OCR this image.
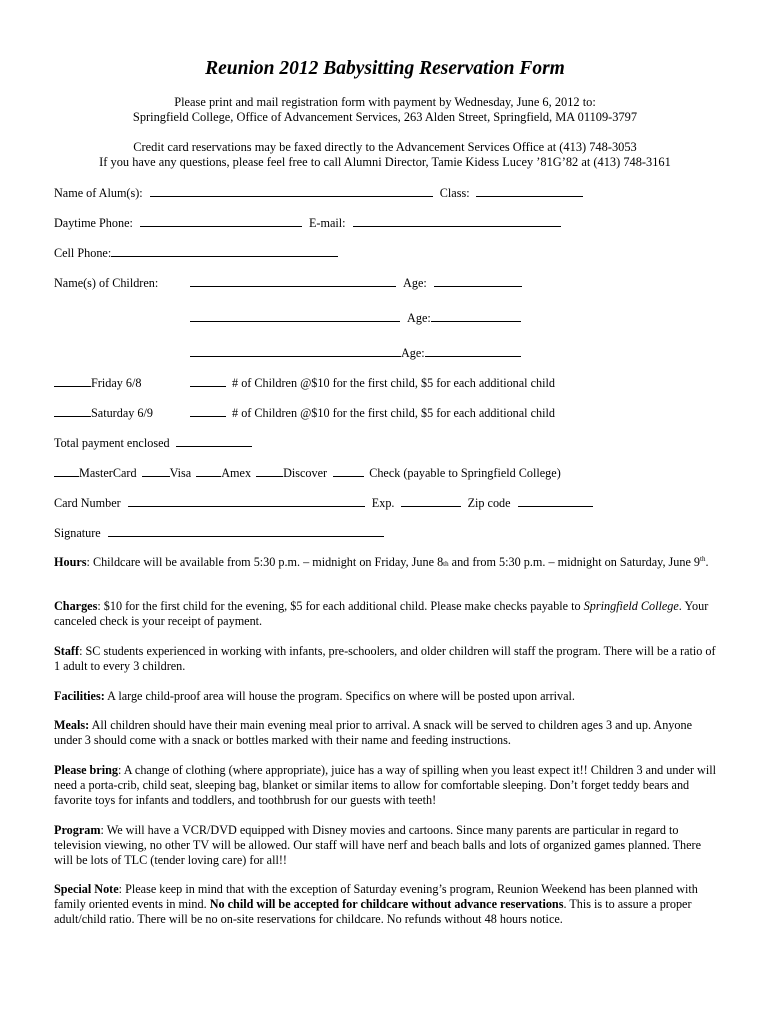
Reunion 2012 Babysitting Reservation Form
Please print and mail registration form with payment by Wednesday, June 6, 2012 to:
Springfield College, Office of Advancement Services, 263 Alden Street, Springfield, MA 01109-3797
Credit card reservations may be faxed directly to the Advancement Services Office at (413) 748-3053
If you have any questions, please feel free to call Alumni Director, Tamie Kidess Lucey ’81G’82 at (413) 748-3161
Name of Alum(s):	Class:
Daytime Phone:	E-mail:
Cell Phone:
Name(s) of Children:	Age:
Age:
Age:
Friday 6/8	# of Children @$10 for the first child, $5 for each additional child
Saturday 6/9	# of Children @$10 for the first child, $5 for each additional child
Total payment enclosed
MasterCard	Visa Amex	Discover	Check (payable to Springfield College)
Card Number	Exp.	Zip code
Signature
Hours: Childcare will be available from 5:30 p.m. – midnight on Friday, June 8th and from 5:30 p.m. – midnight on Saturday, June 9th.
Charges: $10 for the first child for the evening, $5 for each additional child. Please make checks payable to Springfield College. Your canceled check is your receipt of payment.
Staff: SC students experienced in working with infants, pre-schoolers, and older children will staff the program. There will be a ratio of 1 adult to every 3 children.
Facilities: A large child-proof area will house the program. Specifics on where will be posted upon arrival.
Meals: All children should have their main evening meal prior to arrival. A snack will be served to children ages 3 and up. Anyone under 3 should come with a snack or bottles marked with their name and feeding instructions.
Please bring: A change of clothing (where appropriate), juice has a way of spilling when you least expect it!! Children 3 and under will need a porta-crib, child seat, sleeping bag, blanket or similar items to allow for comfortable sleeping. Don’t forget teddy bears and favorite toys for infants and toddlers, and toothbrush for our guests with teeth!
Program: We will have a VCR/DVD equipped with Disney movies and cartoons. Since many parents are particular in regard to television viewing, no other TV will be allowed. Our staff will have nerf and beach balls and lots of organized games planned. There will be lots of TLC (tender loving care) for all!!
Special Note: Please keep in mind that with the exception of Saturday evening’s program, Reunion Weekend has been planned with family oriented events in mind. No child will be accepted for childcare without advance reservations. This is to assure a proper adult/child ratio. There will be no on-site reservations for childcare. No refunds without 48 hours notice.
